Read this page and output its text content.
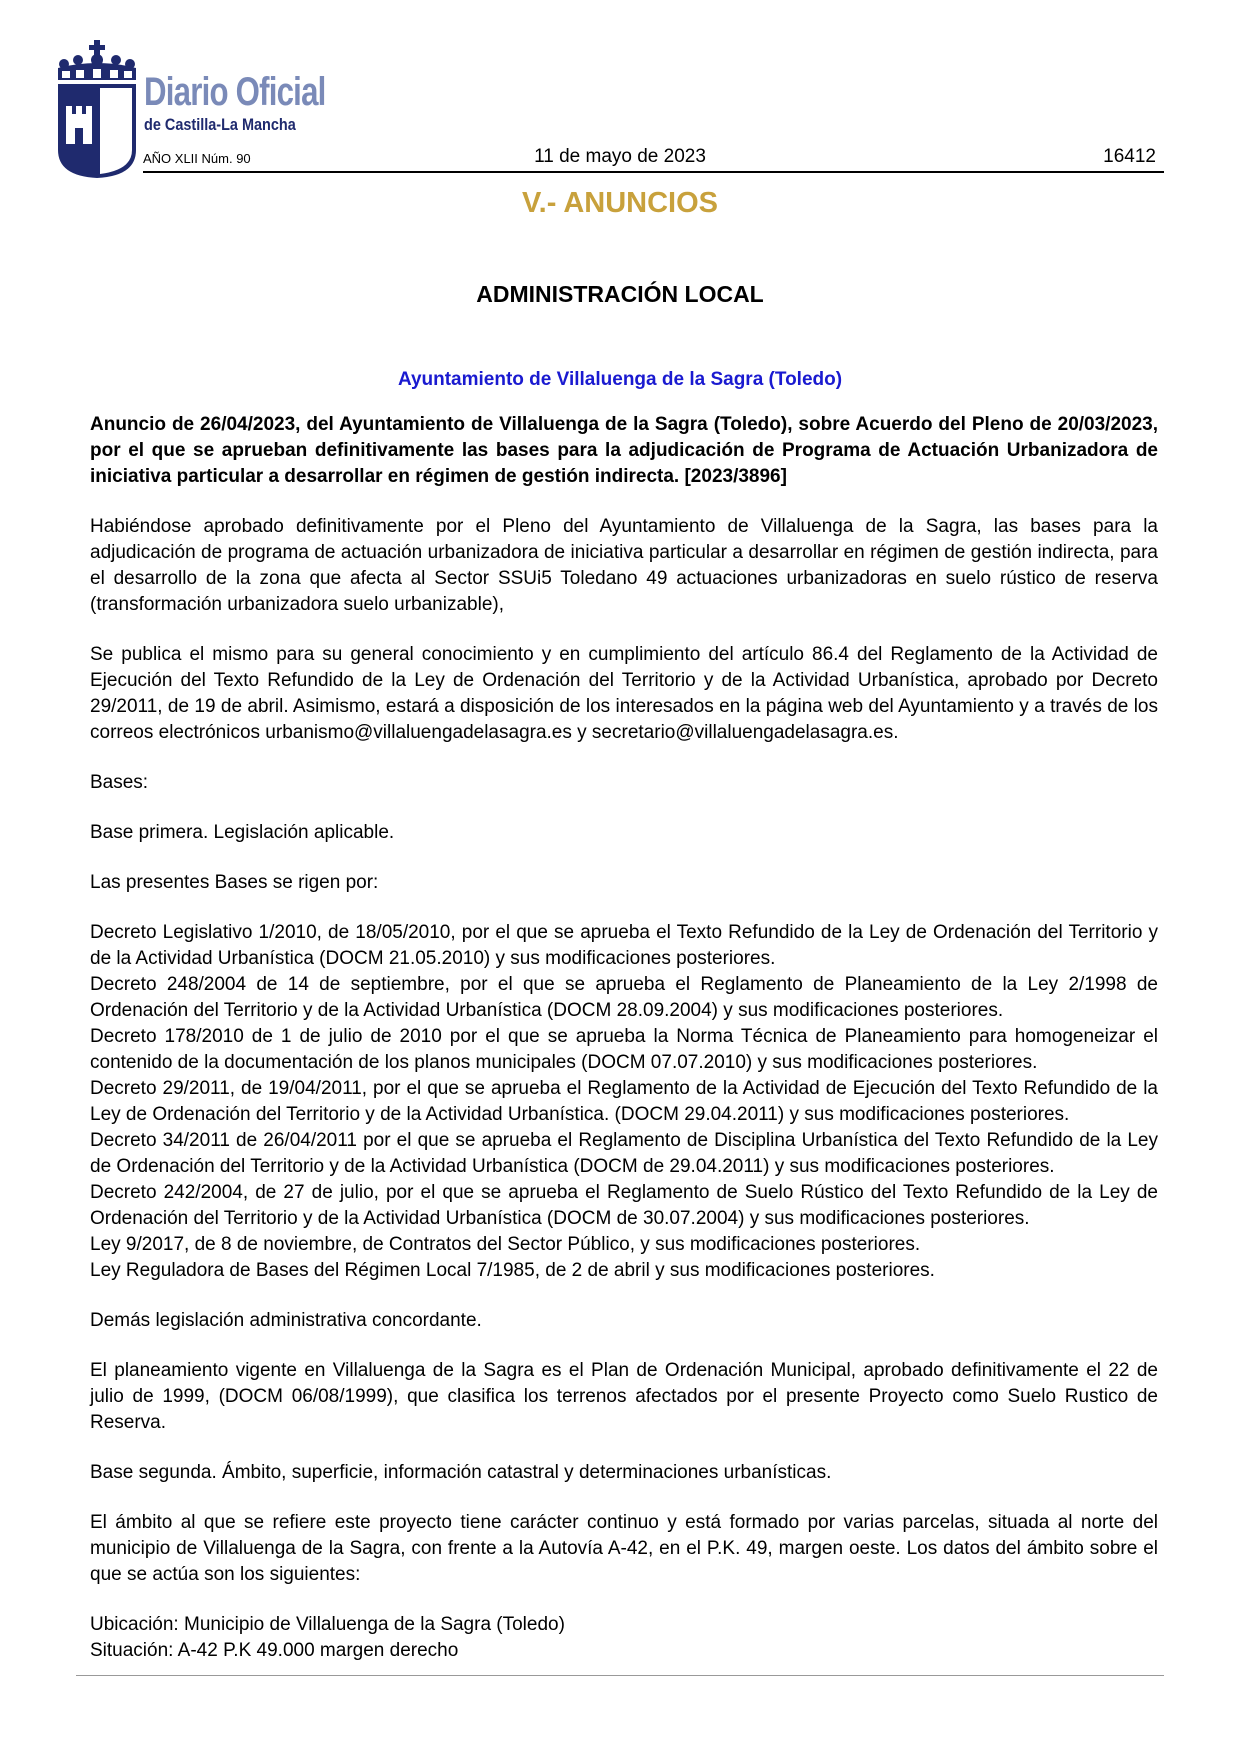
Diario Oficial
de Castilla-La Mancha
AÑO XLII Núm. 90	11 de mayo de 2023	16412
V.- ANUNCIOS
ADMINISTRACIÓN LOCAL
Ayuntamiento de Villaluenga de la Sagra (Toledo)

Anuncio de 26/04/2023, del Ayuntamiento de Villaluenga de la Sagra (Toledo), sobre Acuerdo del Pleno de 20/03/2023, por el que se aprueban definitivamente las bases para la adjudicación de Programa de Actuación Urbanizadora de iniciativa particular a desarrollar en régimen de gestión indirecta. [2023/3896]

Habiéndose aprobado definitivamente por el Pleno del Ayuntamiento de Villaluenga de la Sagra, las bases para la adjudicación de programa de actuación urbanizadora de iniciativa particular a desarrollar en régimen de gestión indirecta, para el desarrollo de la zona que afecta al Sector SSUi5 Toledano 49 actuaciones urbanizadoras en suelo rústico de reserva (transformación urbanizadora suelo urbanizable),

Se publica el mismo para su general conocimiento y en cumplimiento del artículo 86.4 del Reglamento de la Actividad de Ejecución del Texto Refundido de la Ley de Ordenación del Territorio y de la Actividad Urbanística, aprobado por Decreto 29/2011, de 19 de abril. Asimismo, estará a disposición de los interesados en la página web del Ayuntamiento y a través de los correos electrónicos urbanismo@villaluengadelasagra.es y secretario@villaluengadelasagra.es.

Bases:

Base primera. Legislación aplicable.

Las presentes Bases se rigen por:

Decreto Legislativo 1/2010, de 18/05/2010, por el que se aprueba el Texto Refundido de la Ley de Ordenación del Territorio y de la Actividad Urbanística (DOCM 21.05.2010) y sus modificaciones posteriores.

Decreto 248/2004 de 14 de septiembre, por el que se aprueba el Reglamento de Planeamiento de la Ley 2/1998 de Ordenación del Territorio y de la Actividad Urbanística (DOCM 28.09.2004) y sus modificaciones posteriores.

Decreto 178/2010 de 1 de julio de 2010 por el que se aprueba la Norma Técnica de Planeamiento para homogeneizar el contenido de la documentación de los planos municipales (DOCM 07.07.2010) y sus modificaciones posteriores.

Decreto 29/2011, de 19/04/2011, por el que se aprueba el Reglamento de la Actividad de Ejecución del Texto Refundido de la Ley de Ordenación del Territorio y de la Actividad Urbanística. (DOCM 29.04.2011) y sus modificaciones posteriores.

Decreto 34/2011 de 26/04/2011 por el que se aprueba el Reglamento de Disciplina Urbanística del Texto Refundido de la Ley de Ordenación del Territorio y de la Actividad Urbanística (DOCM de 29.04.2011) y sus modificaciones posteriores.

Decreto 242/2004, de 27 de julio, por el que se aprueba el Reglamento de Suelo Rústico del Texto Refundido de la Ley de Ordenación del Territorio y de la Actividad Urbanística (DOCM de 30.07.2004) y sus modificaciones posteriores.

Ley 9/2017, de 8 de noviembre, de Contratos del Sector Público, y sus modificaciones posteriores.

Ley Reguladora de Bases del Régimen Local 7/1985, de 2 de abril y sus modificaciones posteriores.

Demás legislación administrativa concordante.

El planeamiento vigente en Villaluenga de la Sagra es el Plan de Ordenación Municipal, aprobado definitivamente el 22 de julio de 1999, (DOCM 06/08/1999), que clasifica los terrenos afectados por el presente Proyecto como Suelo Rustico de Reserva.

Base segunda. Ámbito, superficie, información catastral y determinaciones urbanísticas.

El ámbito al que se refiere este proyecto tiene carácter continuo y está formado por varias parcelas, situada al norte del municipio de Villaluenga de la Sagra, con frente a la Autovía A-42, en el P.K. 49, margen oeste. Los datos del ámbito sobre el que se actúa son los siguientes:

Ubicación: Municipio de Villaluenga de la Sagra (Toledo)

Situación: A-42 P.K 49.000 margen derecho
